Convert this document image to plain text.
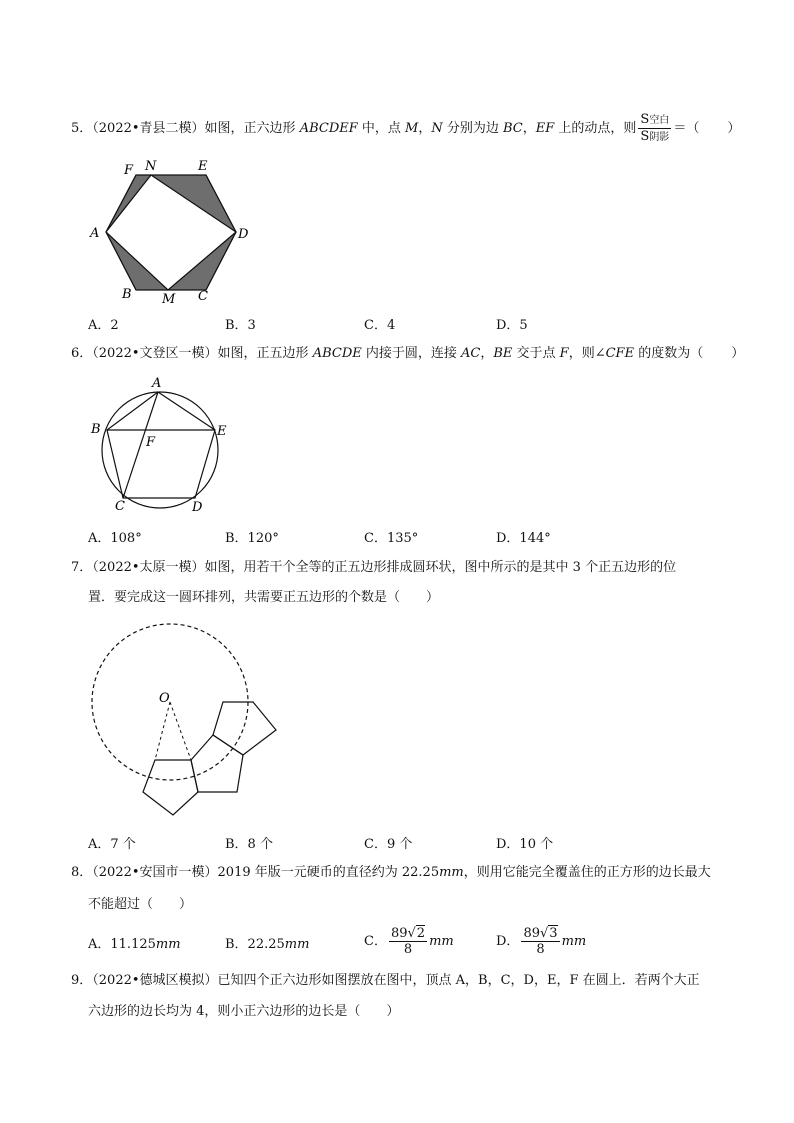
5．（2022•青县二模）如图，正六边形 ABCDEF 中，点 M，N 分别为边 BC，EF 上的动点，则 $\frac{\text{S空白}}{\text{S阴影}}$ ＝（ ）
F N	E
A	D
B M C
A．2	B．3	C．4	D．5
6．（2022•文登区一模）如图，正五边形 ABCDE 内接于圆，连接 AC，BE 交于点 F，则∠CFE 的度数为（ ）
A
B	E
F
C	D
A．108°	B．120°	C．135°	D．144°
7．（2022•太原一模）如图，用若干个全等的正五边形排成圆环状，图中所示的是其中 3 个正五边形的位
置．要完成这一圆环排列，共需要正五边形的个数是（　　）
O
A．7 个	B．8 个	C．9 个	D．10 个
8．（2022•安国市一模）2019 年版一元硬币的直径约为 22.25mm，则用它能完全覆盖住的正方形的边长最大
不能超过（　　）
A．11.125mm	B．22.25mm	C． $\frac{89√2}{8}$ mm	D． $\frac{89√3}{8}$ mm
9．（2022•德城区模拟）已知四个正六边形如图摆放在图中，顶点 A，B，C，D，E，F 在圆上．若两个大正
六边形的边长均为 4，则小正六边形的边长是（　　）
